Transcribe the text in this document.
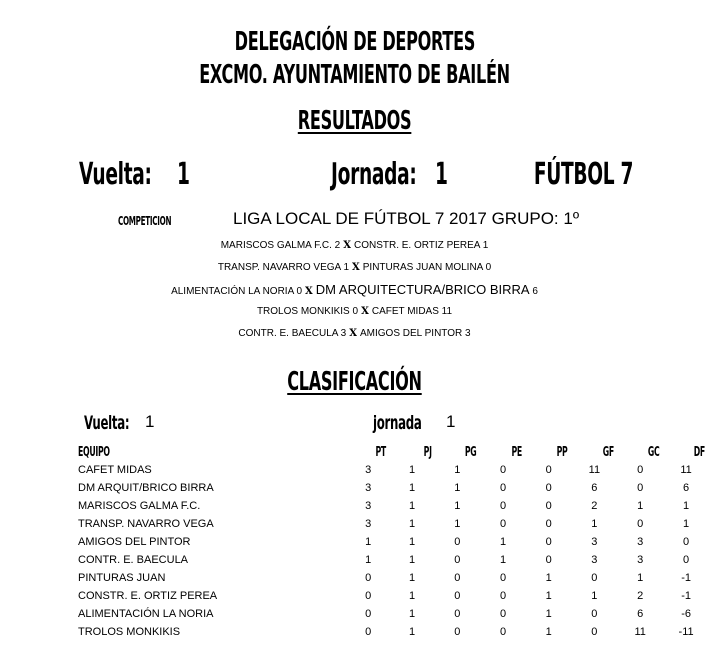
DELEGACIÓN DE DEPORTES
EXCMO. AYUNTAMIENTO DE BAILÉN
RESULTADOS
Vuelta: 1	Jornada: 1	FÚTBOL 7
COMPETICION	LIGA LOCAL DE FÚTBOL 7 2017 GRUPO: 1º
MARISCOS GALMA F.C. 2 X CONSTR. E. ORTIZ PEREA 1
TRANSP. NAVARRO VEGA 1 X PINTURAS JUAN MOLINA 0
ALIMENTACIÓN LA NORIA 0 X DM ARQUITECTURA/BRICO BIRRA 6
TROLOS MONKIKIS 0 X CAFET MIDAS 11
CONTR. E. BAECULA 3 X AMIGOS DEL PINTOR 3
CLASIFICACIÓN
Vuelta: 1	jornada	1
EQUIPO	PT	PJ	PG	PE	PP	GF	GC	DF
CAFET MIDAS	3	1	1	0	0	11	0	11
DM ARQUIT/BRICO BIRRA	3	1	1	0	0	6	0	6
MARISCOS GALMA F.C.	3	1	1	0	0	2	1	1
TRANSP. NAVARRO VEGA	3	1	1	0	0	1	0	1
AMIGOS DEL PINTOR	1	1	0	1	0	3	3	0
CONTR. E. BAECULA	1	1	0	1	0	3	3	0
PINTURAS JUAN	0	1	0	0	1	0	1	-1
CONSTR. E. ORTIZ PEREA	0	1	0	0	1	1	2	-1
ALIMENTACIÓN LA NORIA	0	1	0	0	1	0	6	-6
TROLOS MONKIKIS	0	1	0	0	1	0	11	-11
